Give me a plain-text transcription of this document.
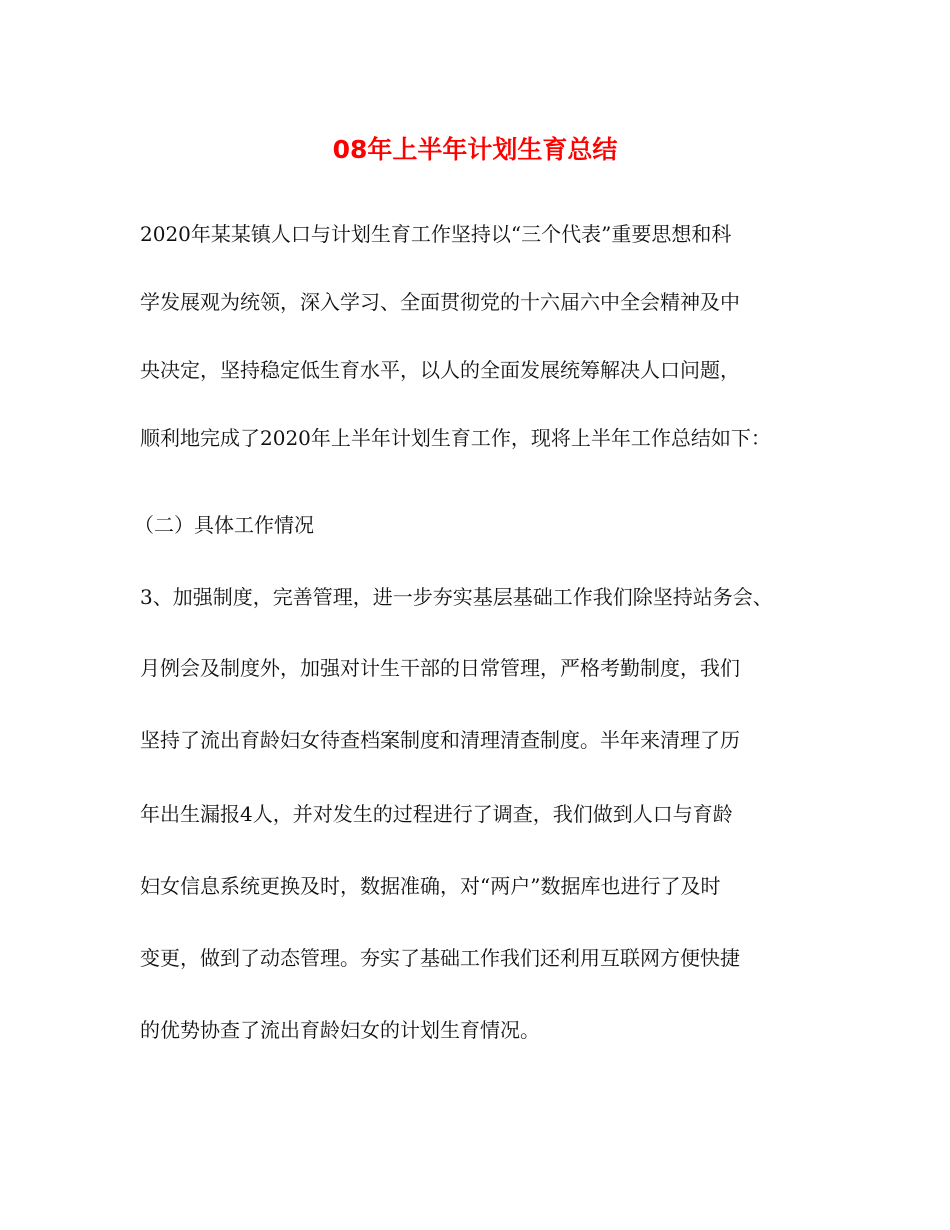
08年上半年计划生育总结

2020年某某镇人口与计划生育工作坚持以“三个代表”重要思想和科

学发展观为统领，深入学习、全面贯彻党的十六届六中全会精神及中

央决定，坚持稳定低生育水平，以人的全面发展统筹解决人口问题，

顺利地完成了2020年上半年计划生育工作，现将上半年工作总结如下：

（二）具体工作情况

3、加强制度，完善管理，进一步夯实基层基础工作我们除坚持站务会、

月例会及制度外，加强对计生干部的日常管理，严格考勤制度，我们

坚持了流出育龄妇女待查档案制度和清理清查制度。半年来清理了历

年出生漏报4人，并对发生的过程进行了调查，我们做到人口与育龄

妇女信息系统更换及时，数据准确，对“两户”数据库也进行了及时

变更，做到了动态管理。夯实了基础工作我们还利用互联网方便快捷

的优势协查了流出育龄妇女的计划生育情况。
